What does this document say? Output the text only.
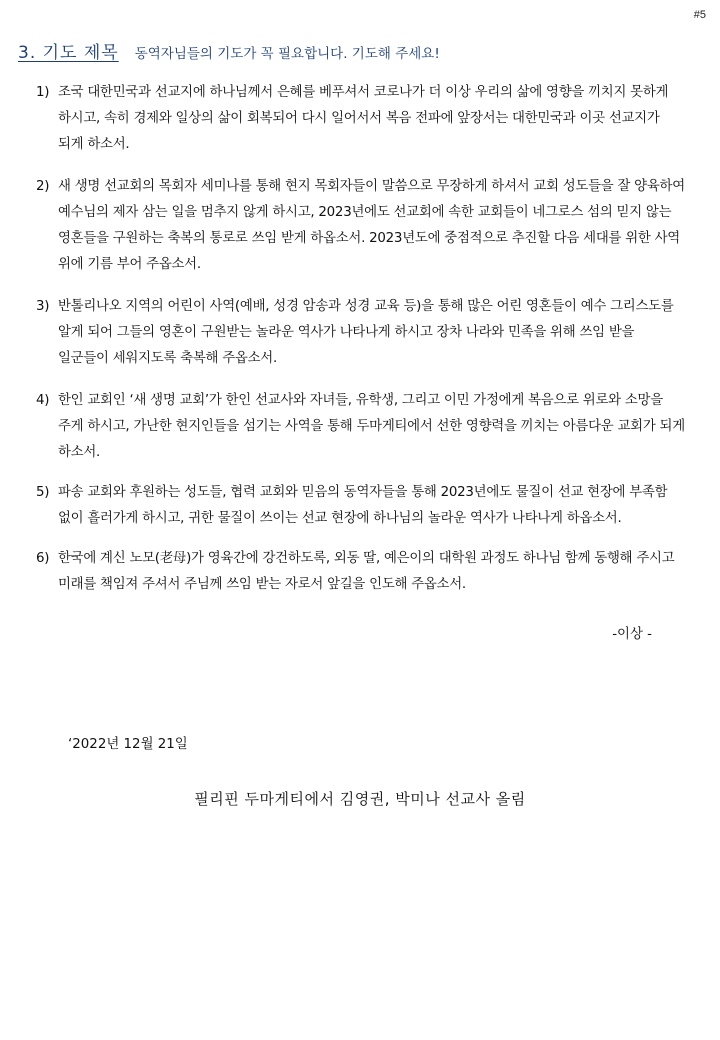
#5
3. 기도 제목 동역자님들의 기도가 꼭 필요합니다. 기도해 주세요!
1) 조국 대한민국과 선교지에 하나님께서 은혜를 베푸셔서 코로나가 더 이상 우리의 삶에 영향을 끼치지 못하게 하시고, 속히 경제와 일상의 삶이 회복되어 다시 일어서서 복음 전파에 앞장서는 대한민국과 이곳 선교지가 되게 하소서.
2) 새 생명 선교회의 목회자 세미나를 통해 현지 목회자들이 말씀으로 무장하게 하셔서 교회 성도들을 잘 양육하여 예수님의 제자 삼는 일을 멈추지 않게 하시고, 2023년에도 선교회에 속한 교회들이 네그로스 섬의 믿지 않는 영혼들을 구원하는 축복의 통로로 쓰임 받게 하옵소서. 2023년도에 중점적으로 추진할 다음 세대를 위한 사역 위에 기름 부어 주옵소서.
3) 반톨리나오 지역의 어린이 사역(예배, 성경 암송과 성경 교육 등)을 통해 많은 어린 영혼들이 예수 그리스도를 알게 되어 그들의 영혼이 구원받는 놀라운 역사가 나타나게 하시고 장차 나라와 민족을 위해 쓰임 받을 일군들이 세워지도록 축복해 주옵소서.
4) 한인 교회인 ‘새 생명 교회’가 한인 선교사와 자녀들, 유학생, 그리고 이민 가정에게 복음으로 위로와 소망을 주게 하시고, 가난한 현지인들을 섬기는 사역을 통해 두마게티에서 선한 영향력을 끼치는 아름다운 교회가 되게 하소서.
5) 파송 교회와 후원하는 성도들, 협력 교회와 믿음의 동역자들을 통해 2023년에도 물질이 선교 현장에 부족함 없이 흘러가게 하시고, 귀한 물질이 쓰이는 선교 현장에 하나님의 놀라운 역사가 나타나게 하옵소서.
6) 한국에 계신 노모(老母)가 영육간에 강건하도록, 외동 딸, 예은이의 대학원 과정도 하나님 함께 동행해 주시고 미래를 책임져 주셔서 주님께 쓰임 받는 자로서 앞길을 인도해 주옵소서.
-이상 -
‘2022년 12월 21일
필리핀 두마게티에서 김영권, 박미나 선교사 올림
